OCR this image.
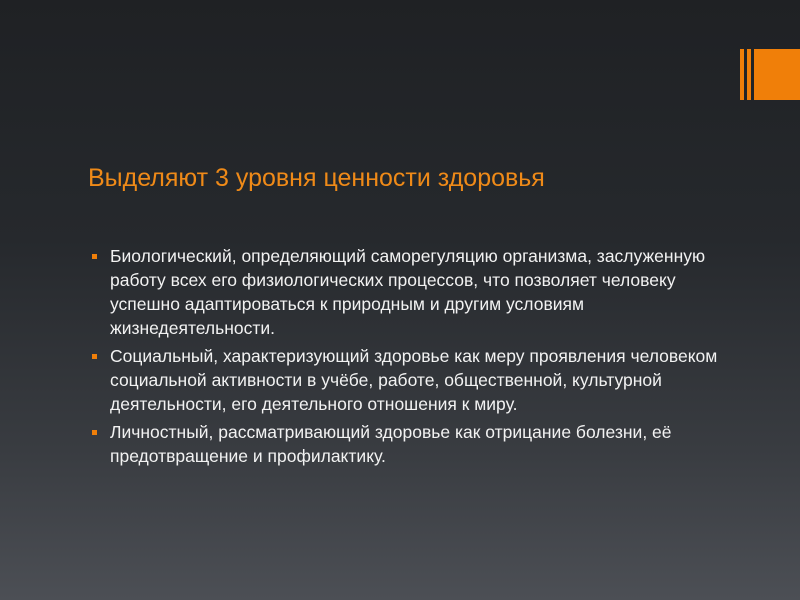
Выделяют 3 уровня ценности здоровья
Биологический, определяющий саморегуляцию организма, заслуженную работу всех его физиологических процессов, что позволяет человеку успешно адаптироваться к природным и другим условиям жизнедеятельности.
Социальный, характеризующий здоровье как меру проявления человеком социальной активности в учёбе, работе, общественной, культурной деятельности, его деятельного отношения к миру.
Личностный, рассматривающий здоровье как отрицание болезни, её предотвращение и профилактику.
